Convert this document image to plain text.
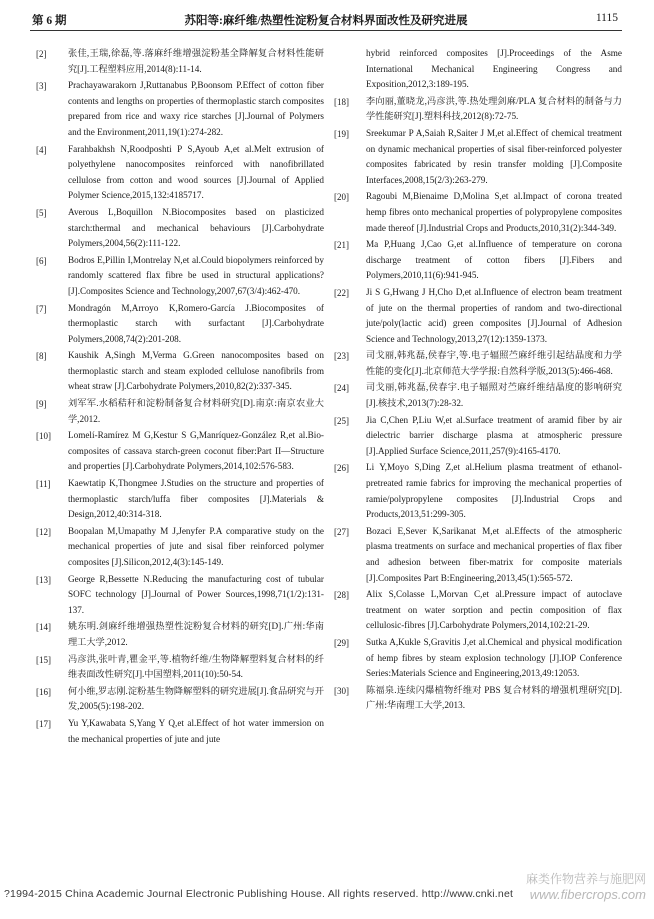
第 6 期	苏阳等:麻纤维/热塑性淀粉复合材料界面改性及研究进展	1115
[2]	张佳,王瑞,徐磊,等.落麻纤维增强淀粉基全降解复合材料性能研究[J].工程塑料应用,2014(8):11-14.
[3]	Prachayawarakorn J,Ruttanabus P,Boonsom P.Effect of cotton fiber contents and lengths on properties of thermoplastic starch composites prepared from rice and waxy rice starches [J].Journal of Polymers and the Environment,2011,19(1):274-282.
[4]	Farahbakhsh N,Roodposhti P S,Ayoub A,et al.Melt extrusion of polyethylene nanocomposites reinforced with nanofibrillated cellulose from cotton and wood sources [J].Journal of Applied Polymer Science,2015,132:4185717.
[5]	Averous L,Boquillon N.Biocomposites based on plasticized starch:thermal and mechanical behaviours [J].Carbohydrate Polymers,2004,56(2):111-122.
[6]	Bodros E,Pillin I,Montrelay N,et al.Could biopolymers reinforced by randomly scattered flax fibre be used in structural applications? [J].Composites Science and Technology,2007,67(3/4):462-470.
[7]	Mondragón M,Arroyo K,Romero-García J.Biocomposites of thermoplastic starch with surfactant [J].Carbohydrate Polymers,2008,74(2):201-208.
[8]	Kaushik A,Singh M,Verma G.Green nanocomposites based on thermoplastic starch and steam exploded cellulose nanofibrils from wheat straw [J].Carbohydrate Polymers,2010,82(2):337-345.
[9]	刘军军.水稻秸秆和淀粉制备复合材料研究[D].南京:南京农业大学,2012.
[10]	Lomelí-Ramírez M G,Kestur S G,Manríquez-González R,et al.Bio-composites of cassava starch-green coconut fiber:Part II—Structure and properties [J].Carbohydrate Polymers,2014,102:576-583.
[11]	Kaewtatip K,Thongmee J.Studies on the structure and properties of thermoplastic starch/luffa fiber composites [J].Materials & Design,2012,40:314-318.
[12]	Boopalan M,Umapathy M J,Jenyfer P.A comparative study on the mechanical properties of jute and sisal fiber reinforced polymer composites [J].Silicon,2012,4(3):145-149.
[13]	George R,Bessette N.Reducing the manufacturing cost of tubular SOFC technology [J].Journal of Power Sources,1998,71(1/2):131-137.
[14]	姚东明.剑麻纤维增强热塑性淀粉复合材料的研究[D].广州:华南理工大学,2012.
[15]	冯彦洪,张叶青,瞿金平,等.植物纤维/生物降解塑料复合材料的纤维表面改性研究[J].中国塑料,2011(10):50-54.
[16]	何小维,罗志刚.淀粉基生物降解塑料的研究进展[J].食品研究与开发,2005(5):198-202.
[17]	Yu Y,Kawabata S,Yang Y Q,et al.Effect of hot water immersion on the mechanical properties of jute and jute
hybrid reinforced composites [J].Proceedings of the Asme International Mechanical Engineering Congress and Exposition,2012,3:189-195.
[18]	李向丽,董晓龙,冯彦洪,等.热处理剑麻/PLA 复合材料的制备与力学性能研究[J].塑料科技,2012(8):72-75.
[19]	Sreekumar P A,Saiah R,Saiter J M,et al.Effect of chemical treatment on dynamic mechanical properties of sisal fiber-reinforced polyester composites fabricated by resin transfer molding [J].Composite Interfaces,2008,15(2/3):263-279.
[20]	Ragoubi M,Bienaime D,Molina S,et al.Impact of corona treated hemp fibres onto mechanical properties of polypropylene composites made thereof [J].Industrial Crops and Products,2010,31(2):344-349.
[21]	Ma P,Huang J,Cao G,et al.Influence of temperature on corona discharge treatment of cotton fibers [J].Fibers and Polymers,2010,11(6):941-945.
[22]	Ji S G,Hwang J H,Cho D,et al.Influence of electron beam treatment of jute on the thermal properties of random and two-directional jute/poly(lactic acid) green composites [J].Journal of Adhesion Science and Technology,2013,27(12):1359-1373.
[23]	司戈丽,韩兆磊,侯春宇,等.电子辐照苎麻纤维引起结晶度和力学性能的变化[J].北京师范大学学报:自然科学版,2013(5):466-468.
[24]	司戈丽,韩兆磊,侯春宇.电子辐照对苎麻纤维结晶度的影响研究[J].核技术,2013(7):28-32.
[25]	Jia C,Chen P,Liu W,et al.Surface treatment of aramid fiber by air dielectric barrier discharge plasma at atmospheric pressure [J].Applied Surface Science,2011,257(9):4165-4170.
[26]	Li Y,Moyo S,Ding Z,et al.Helium plasma treatment of ethanol-pretreated ramie fabrics for improving the mechanical properties of ramie/polypropylene composites [J].Industrial Crops and Products,2013,51:299-305.
[27]	Bozaci E,Sever K,Sarikanat M,et al.Effects of the atmospheric plasma treatments on surface and mechanical properties of flax fiber and adhesion between fiber-matrix for composite materials [J].Composites Part B:Engineering,2013,45(1):565-572.
[28]	Alix S,Colasse L,Morvan C,et al.Pressure impact of autoclave treatment on water sorption and pectin composition of flax cellulosic-fibres [J].Carbohydrate Polymers,2014,102:21-29.
[29]	Sutka A,Kukle S,Gravitis J,et al.Chemical and physical modification of hemp fibres by steam explosion technology [J].IOP Conference Series:Materials Science and Engineering,2013,49:12053.
[30]	陈福泉.连续闪爆植物纤维对 PBS 复合材料的增强机理研究[D].广州:华南理工大学,2013.
?1994-2015 China Academic Journal Electronic Publishing House. All rights reserved. http://www.cnki.net
麻类作物营养与施肥网
www.fibercrops.com
